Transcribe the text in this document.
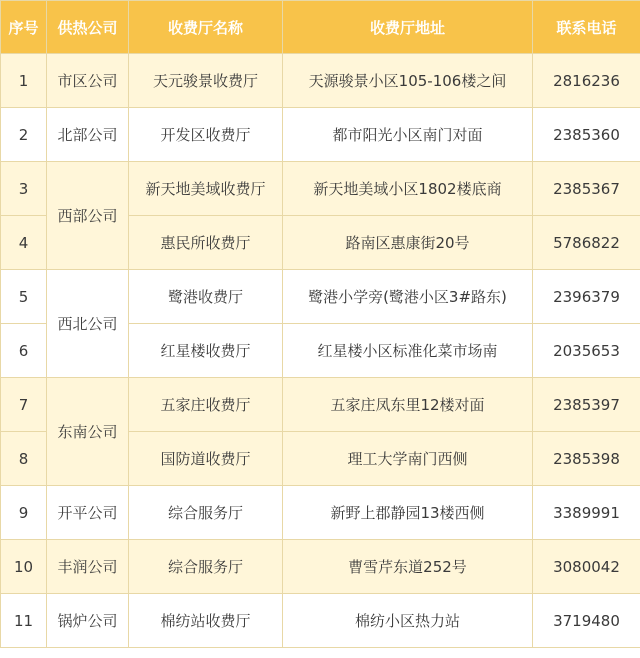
序号	供热公司	收费厅名称	收费厅地址	联系电话
1	市区公司	天元骏景收费厅	天源骏景小区105-106楼之间	2816236
2	北部公司	开发区收费厅	都市阳光小区南门对面	2385360
3	西部公司	新天地美域收费厅	新天地美域小区1802楼底商	2385367
4		惠民所收费厅	路南区惠康街20号	5786822
5	西北公司	鹭港收费厅	鹭港小学旁(鹭港小区3#路东)	2396379
6		红星楼收费厅	红星楼小区标准化菜市场南	2035653
7	东南公司	五家庄收费厅	五家庄凤东里12楼对面	2385397
8		国防道收费厅	理工大学南门西侧	2385398
9	开平公司	综合服务厅	新野上郡静园13楼西侧	3389991
10	丰润公司	综合服务厅	曹雪芹东道252号	3080042
11	锅炉公司	棉纺站收费厅	棉纺小区热力站	3719480
